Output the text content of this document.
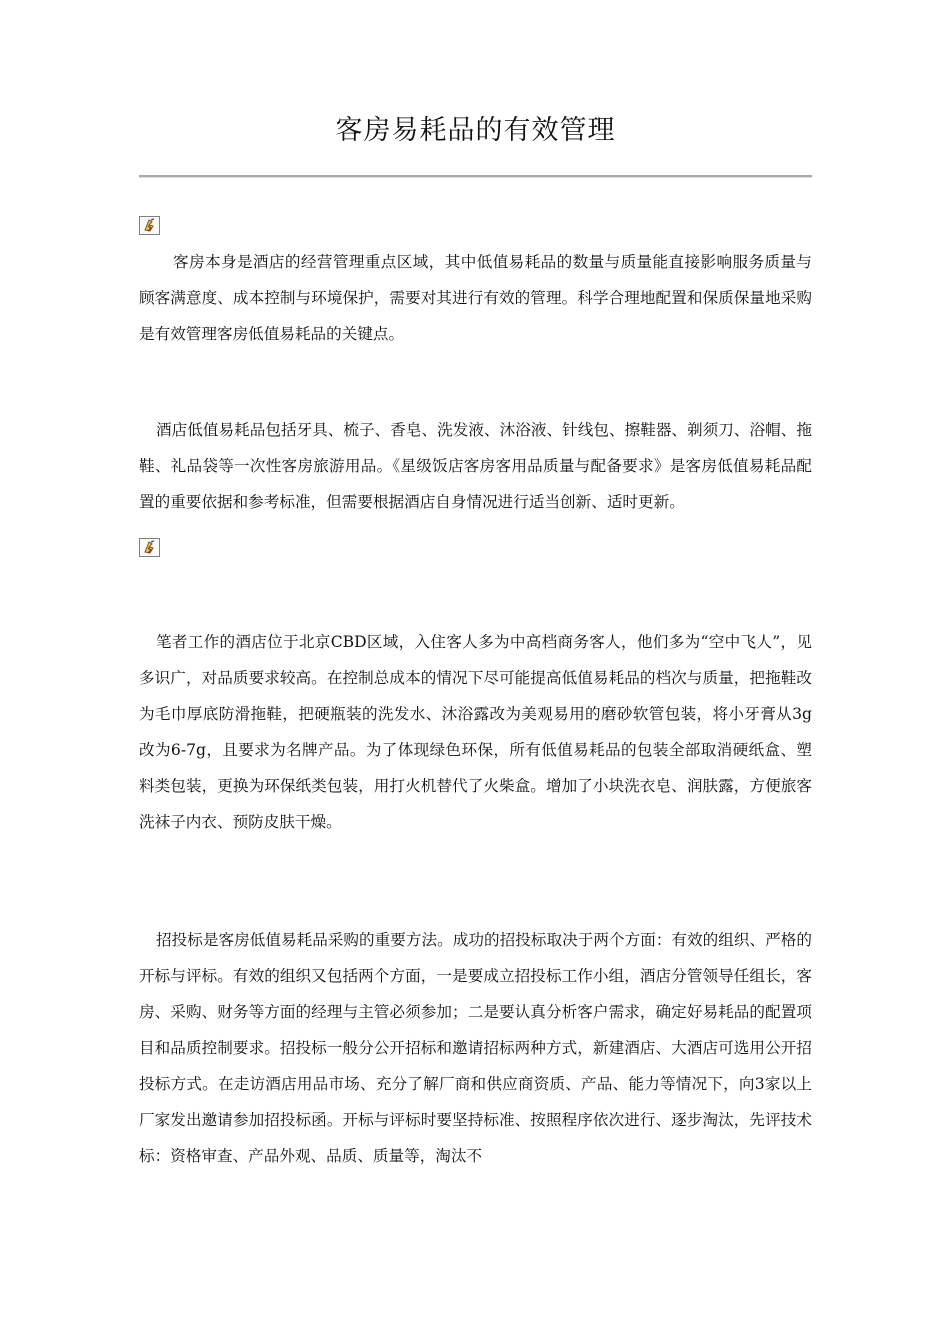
客房易耗品的有效管理
客房本身是酒店的经营管理重点区域，其中低值易耗品的数量与质量能直接影响服务质量与顾客满意度、成本控制与环境保护，需要对其进行有效的管理。科学合理地配置和保质保量地采购是有效管理客房低值易耗品的关键点。
酒店低值易耗品包括牙具、梳子、香皂、洗发液、沐浴液、针线包、擦鞋器、剃须刀、浴帽、拖鞋、礼品袋等一次性客房旅游用品。《星级饭店客房客用品质量与配备要求》是客房低值易耗品配置的重要依据和参考标准，但需要根据酒店自身情况进行适当创新、适时更新。
笔者工作的酒店位于北京CBD区域，入住客人多为中高档商务客人，他们多为“空中飞人”，见多识广，对品质要求较高。在控制总成本的情况下尽可能提高低值易耗品的档次与质量，把拖鞋改为毛巾厚底防滑拖鞋，把硬瓶装的洗发水、沐浴露改为美观易用的磨砂软管包装，将小牙膏从3g改为6-7g，且要求为名牌产品。为了体现绿色环保，所有低值易耗品的包装全部取消硬纸盒、塑料类包装，更换为环保纸类包装，用打火机替代了火柴盒。增加了小块洗衣皂、润肤露，方便旅客洗袜子内衣、预防皮肤干燥。
招投标是客房低值易耗品采购的重要方法。成功的招投标取决于两个方面：有效的组织、严格的开标与评标。有效的组织又包括两个方面，一是要成立招投标工作小组，酒店分管领导任组长，客房、采购、财务等方面的经理与主管必须参加；二是要认真分析客户需求，确定好易耗品的配置项目和品质控制要求。招投标一般分公开招标和邀请招标两种方式，新建酒店、大酒店可选用公开招投标方式。在走访酒店用品市场、充分了解厂商和供应商资质、产品、能力等情况下，向3家以上厂家发出邀请参加招投标函。开标与评标时要坚持标准、按照程序依次进行、逐步淘汰，先评技术标：资格审查、产品外观、品质、质量等，淘汰不
